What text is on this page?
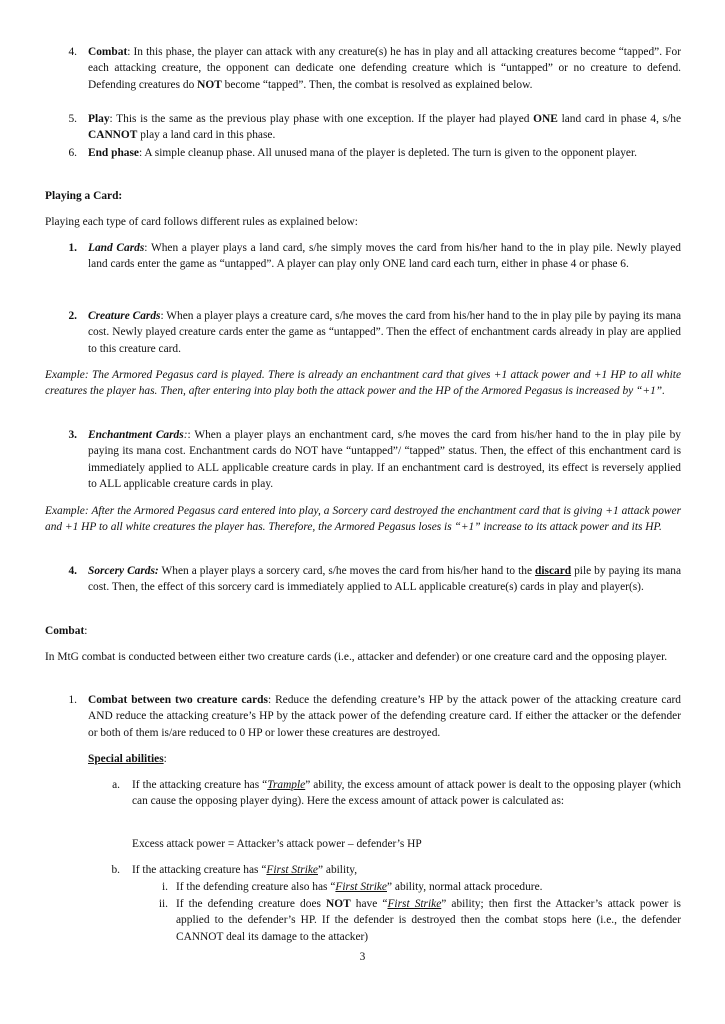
4. Combat: In this phase, the player can attack with any creature(s) he has in play and all attacking creatures become “tapped”. For each attacking creature, the opponent can dedicate one defending creature which is “untapped” or no creature to defend. Defending creatures do NOT become “tapped”. Then, the combat is resolved as explained below.
5. Play: This is the same as the previous play phase with one exception. If the player had played ONE land card in phase 4, s/he CANNOT play a land card in this phase.
6. End phase: A simple cleanup phase. All unused mana of the player is depleted. The turn is given to the opponent player.
Playing a Card:
Playing each type of card follows different rules as explained below:
1. Land Cards: When a player plays a land card, s/he simply moves the card from his/her hand to the in play pile. Newly played land cards enter the game as “untapped”. A player can play only ONE land card each turn, either in phase 4 or phase 6.
2. Creature Cards: When a player plays a creature card, s/he moves the card from his/her hand to the in play pile by paying its mana cost. Newly played creature cards enter the game as “untapped”. Then the effect of enchantment cards already in play are applied to this creature card.
Example: The Armored Pegasus card is played. There is already an enchantment card that gives +1 attack power and +1 HP to all white creatures the player has. Then, after entering into play both the attack power and the HP of the Armored Pegasus is increased by “+1”.
3. Enchantment Cards:: When a player plays an enchantment card, s/he moves the card from his/her hand to the in play pile by paying its mana cost. Enchantment cards do NOT have “untapped”/ “tapped” status. Then, the effect of this enchantment card is immediately applied to ALL applicable creature cards in play. If an enchantment card is destroyed, its effect is reversely applied to ALL applicable creature cards in play.
Example: After the Armored Pegasus card entered into play, a Sorcery card destroyed the enchantment card that is giving +1 attack power and +1 HP to all white creatures the player has. Therefore, the Armored Pegasus loses is “+1” increase to its attack power and its HP.
4. Sorcery Cards: When a player plays a sorcery card, s/he moves the card from his/her hand to the discard pile by paying its mana cost. Then, the effect of this sorcery card is immediately applied to ALL applicable creature(s) cards in play and player(s).
Combat:
In MtG combat is conducted between either two creature cards (i.e., attacker and defender) or one creature card and the opposing player.
1. Combat between two creature cards: Reduce the defending creature’s HP by the attack power of the attacking creature card AND reduce the attacking creature’s HP by the attack power of the defending creature card. If either the attacker or the defender or both of them is/are reduced to 0 HP or lower these creatures are destroyed.
Special abilities:
a. If the attacking creature has “Trample” ability, the excess amount of attack power is dealt to the opposing player (which can cause the opposing player dying). Here the excess amount of attack power is calculated as:
Excess attack power = Attacker’s attack power – defender’s HP
b. If the attacking creature has “First Strike” ability,
i. If the defending creature also has “First Strike” ability, normal attack procedure.
ii. If the defending creature does NOT have “First Strike” ability; then first the Attacker’s attack power is applied to the defender’s HP. If the defender is destroyed then the combat stops here (i.e., the defender CANNOT deal its damage to the attacker)
3
